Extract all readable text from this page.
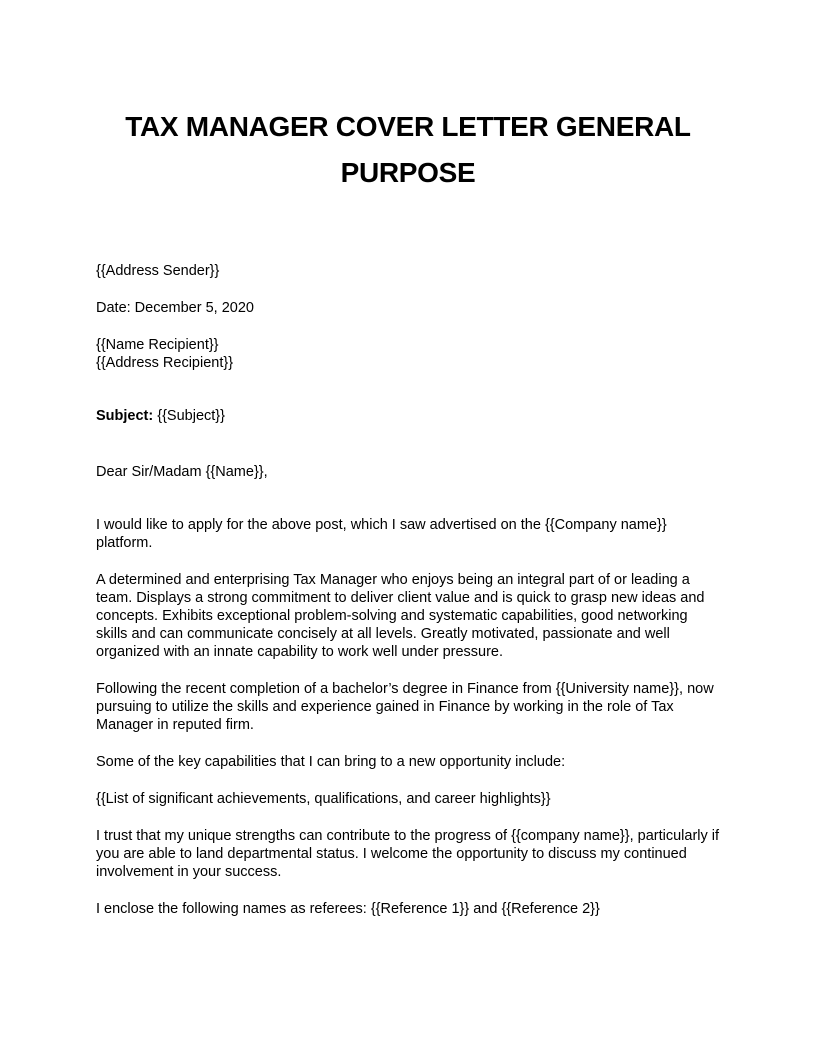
TAX MANAGER COVER LETTER GENERAL PURPOSE

{{Address Sender}}

Date: December 5, 2020

{{Name Recipient}}
{{Address Recipient}}

Subject: {{Subject}}

Dear Sir/Madam {{Name}},

I would like to apply for the above post, which I saw advertised on the {{Company name}} platform.

A determined and enterprising Tax Manager who enjoys being an integral part of or leading a team. Displays a strong commitment to deliver client value and is quick to grasp new ideas and concepts. Exhibits exceptional problem-solving and systematic capabilities, good networking skills and can communicate concisely at all levels. Greatly motivated, passionate and well organized with an innate capability to work well under pressure.

Following the recent completion of a bachelor’s degree in Finance from {{University name}}, now pursuing to utilize the skills and experience gained in Finance by working in the role of Tax Manager in reputed firm.

Some of the key capabilities that I can bring to a new opportunity include:

{{List of significant achievements, qualifications, and career highlights}}

I trust that my unique strengths can contribute to the progress of {{company name}}, particularly if you are able to land departmental status. I welcome the opportunity to discuss my continued involvement in your success.

I enclose the following names as referees: {{Reference 1}} and {{Reference 2}}
